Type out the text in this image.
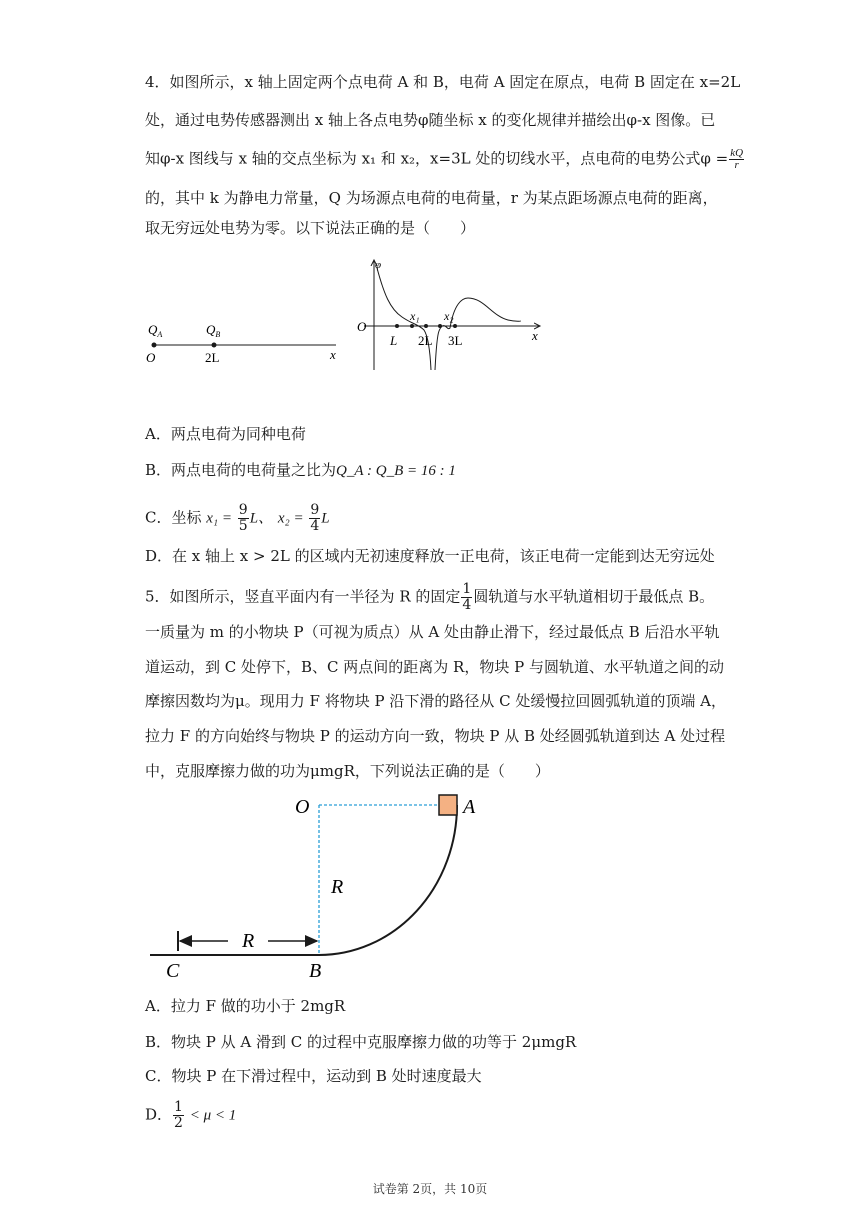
4．如图所示，x 轴上固定两个点电荷 A 和 B，电荷 A 固定在原点，电荷 B 固定在 x=2L
处，通过电势传感器测出 x 轴上各点电势φ随坐标 x 的变化规律并描绘出φ-x 图像。已
知φ-x 图线与 x 轴的交点坐标为 x₁ 和 x₂，x=3L 处的切线水平，点电荷的电势公式$\varphi = \frac{kQ}{r}$
的，其中 k 为静电力常量，Q 为场源点电荷的电荷量，r 为某点距场源点电荷的距离，
取无穷远处电势为零。以下说法正确的是（　　）
$Q_A$	$Q_B$
O	2L	x
φ
O
x₁ x₂
L 2L 3L	x
A．两点电荷为同种电荷
B．两点电荷的电荷量之比为Q_A : Q_B = 16 : 1
C．坐标 $x_1 = \frac{9}{5}$ L、 $x_2 = \frac{9}{4}$ L
D．在 x 轴上 x > 2L 的区域内无初速度释放一正电荷，该正电荷一定能到达无穷远处
5．如图所示，竖直平面内有一半径为 R 的固定 $\frac{1}{4}$ 圆轨道与水平轨道相切于最低点 B。
一质量为 m 的小物块 P（可视为质点）从 A 处由静止滑下，经过最低点 B 后沿水平轨
道运动，到 C 处停下，B、C 两点间的距离为 R，物块 P 与圆轨道、水平轨道之间的动
摩擦因数均为μ。现用力 F 将物块 P 沿下滑的路径从 C 处缓慢拉回圆弧轨道的顶端 A，
拉力 F 的方向始终与物块 P 的运动方向一致，物块 P 从 B 处经圆弧轨道到达 A 处过程
中，克服摩擦力做的功为μmgR，下列说法正确的是（　　）
O	A
R
R
C	B
A．拉力 F 做的功小于 2mgR
B．物块 P 从 A 滑到 C 的过程中克服摩擦力做的功等于 2μmgR
C．物块 P 在下滑过程中，运动到 B 处时速度最大
D． $\frac{1}{2} < \mu < 1$
试卷第 2页，共 10页
